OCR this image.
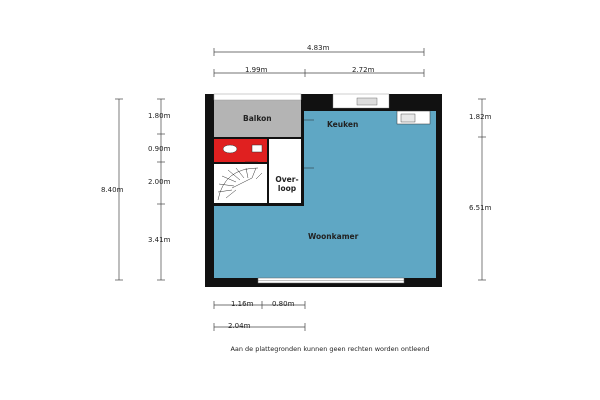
4.83m
1.99m	2.72m
8.40m
1.80m
0.90m
2.00m
3.41m
1.82m
6.51m
1.16m	0.80m
2.04m
Balkon
Keuken
Over-
loop
Woonkamer
Aan de plattegronden kunnen geen rechten worden ontleend
